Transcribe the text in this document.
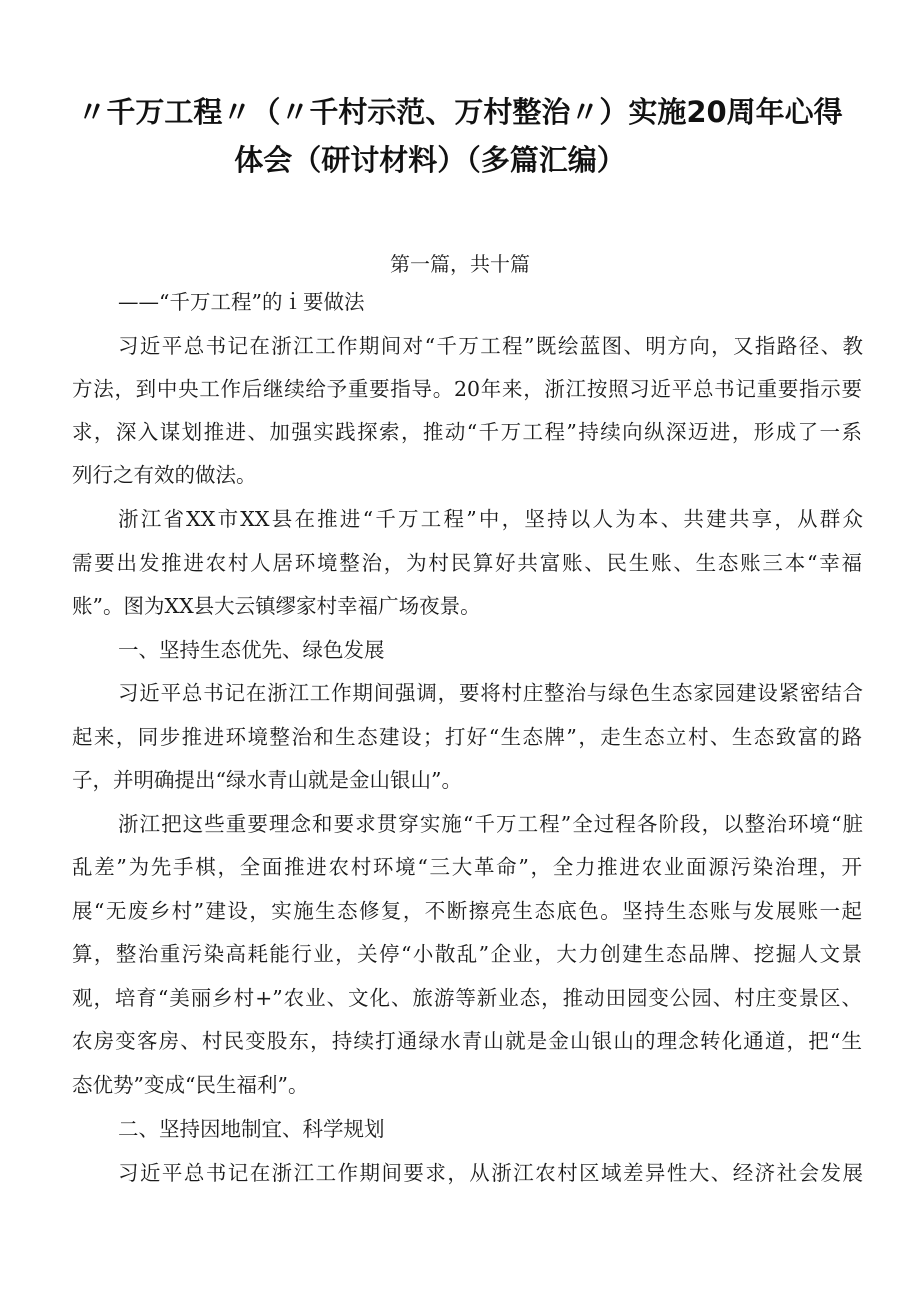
〃千万工程〃（〃千村示范、万村整治〃）实施20周年心得
体会（研讨材料）（多篇汇编）
第一篇，共十篇
——“千万工程”的ｉ要做法
习近平总书记在浙江工作期间对“千万工程”既绘蓝图、明方向，又指路径、教
方法，到中央工作后继续给予重要指导。20年来，浙江按照习近平总书记重要指示要
求，深入谋划推进、加强实践探索，推动“千万工程”持续向纵深迈进，形成了一系
列行之有效的做法。
浙江省XX市XX县在推进“千万工程”中，坚持以人为本、共建共享，从群众
需要出发推进农村人居环境整治，为村民算好共富账、民生账、生态账三本“幸福
账”。图为XX县大云镇缪家村幸福广场夜景。
一、坚持生态优先、绿色发展
习近平总书记在浙江工作期间强调，要将村庄整治与绿色生态家园建设紧密结合
起来，同步推进环境整治和生态建设；打好“生态牌”，走生态立村、生态致富的路
子，并明确提出“绿水青山就是金山银山”。
浙江把这些重要理念和要求贯穿实施“千万工程”全过程各阶段，以整治环境“脏
乱差”为先手棋，全面推进农村环境“三大革命”，全力推进农业面源污染治理，开
展“无废乡村”建设，实施生态修复，不断擦亮生态底色。坚持生态账与发展账一起
算，整治重污染高耗能行业，关停“小散乱”企业，大力创建生态品牌、挖掘人文景
观，培育“美丽乡村+”农业、文化、旅游等新业态，推动田园变公园、村庄变景区、
农房变客房、村民变股东，持续打通绿水青山就是金山银山的理念转化通道，把“生
态优势”变成“民生福利”。
二、坚持因地制宜、科学规划
习近平总书记在浙江工作期间要求，从浙江农村区域差异性大、经济社会发展
